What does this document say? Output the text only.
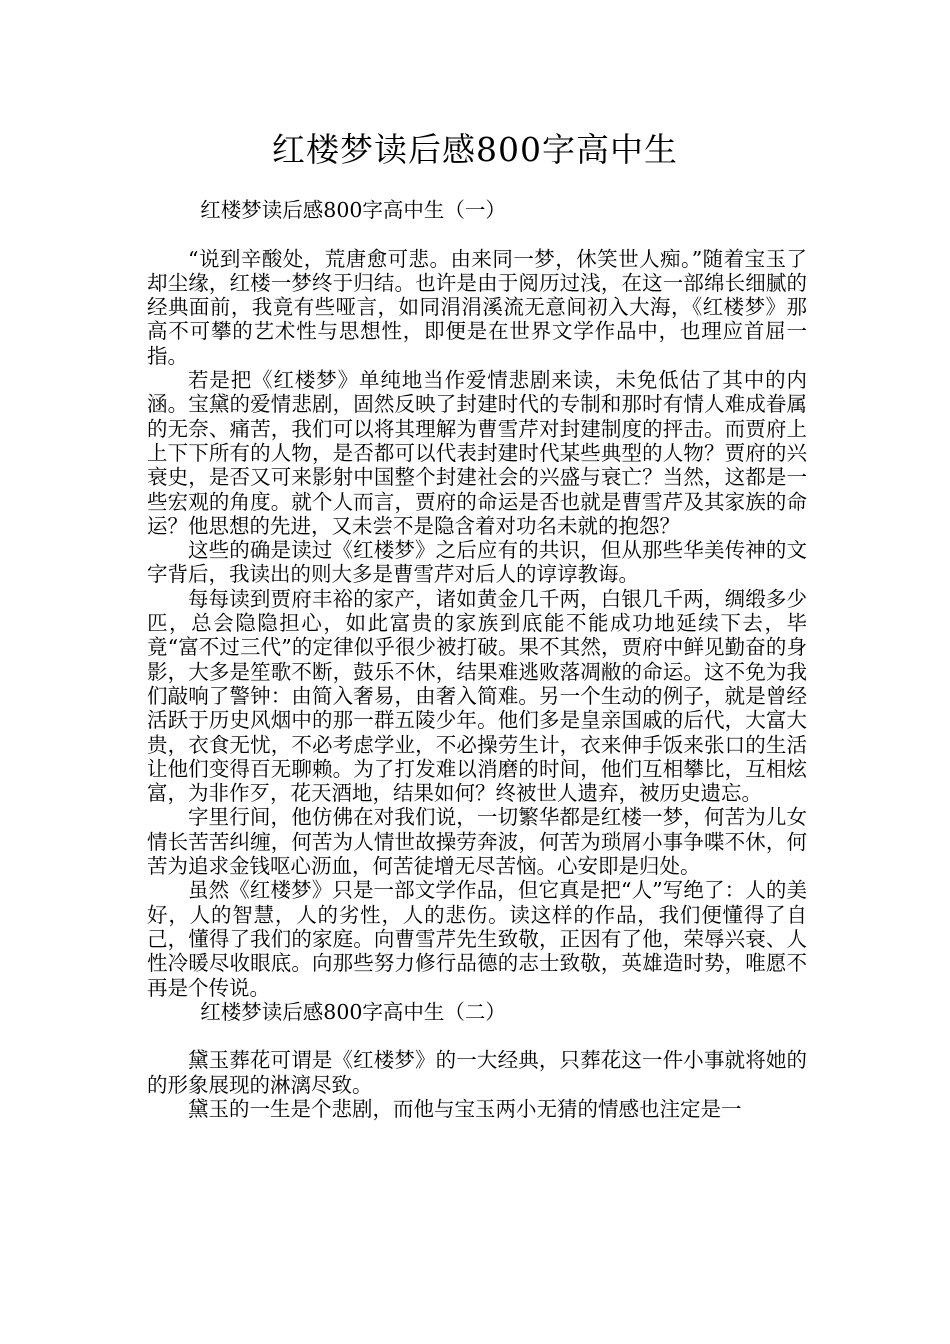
红楼梦读后感800字高中生

红楼梦读后感800字高中生（一）

“说到辛酸处，荒唐愈可悲。由来同一梦，休笑世人痴。”随着宝玉了却尘缘，红楼一梦终于归结。也许是由于阅历过浅，在这一部绵长细腻的经典面前，我竟有些哑言，如同涓涓溪流无意间初入大海，《红楼梦》那高不可攀的艺术性与思想性，即便是在世界文学作品中，也理应首屈一指。

若是把《红楼梦》单纯地当作爱情悲剧来读，未免低估了其中的内涵。宝黛的爱情悲剧，固然反映了封建时代的专制和那时有情人难成眷属的无奈、痛苦，我们可以将其理解为曹雪芹对封建制度的抨击。而贾府上上下下所有的人物，是否都可以代表封建时代某些典型的人物？贾府的兴衰史，是否又可来影射中国整个封建社会的兴盛与衰亡？当然，这都是一些宏观的角度。就个人而言，贾府的命运是否也就是曹雪芹及其家族的命运？他思想的先进，又未尝不是隐含着对功名未就的抱怨？

这些的确是读过《红楼梦》之后应有的共识，但从那些华美传神的文字背后，我读出的则大多是曹雪芹对后人的谆谆教诲。

每每读到贾府丰裕的家产，诸如黄金几千两，白银几千两，绸缎多少匹，总会隐隐担心，如此富贵的家族到底能不能成功地延续下去，毕竟“富不过三代”的定律似乎很少被打破。果不其然，贾府中鲜见勤奋的身影，大多是笙歌不断，鼓乐不休，结果难逃败落凋敝的命运。这不免为我们敲响了警钟：由简入奢易，由奢入简难。另一个生动的例子，就是曾经活跃于历史风烟中的那一群五陵少年。他们多是皇亲国戚的后代，大富大贵，衣食无忧，不必考虑学业，不必操劳生计，衣来伸手饭来张口的生活让他们变得百无聊赖。为了打发难以消磨的时间，他们互相攀比，互相炫富，为非作歹，花天酒地，结果如何？终被世人遗弃，被历史遗忘。

字里行间，他仿佛在对我们说，一切繁华都是红楼一梦，何苦为儿女情长苦苦纠缠，何苦为人情世故操劳奔波，何苦为琐屑小事争喋不休，何苦为追求金钱呕心沥血，何苦徒增无尽苦恼。心安即是归处。

虽然《红楼梦》只是一部文学作品，但它真是把“人”写绝了：人的美好，人的智慧，人的劣性，人的悲伤。读这样的作品，我们便懂得了自己，懂得了我们的家庭。向曹雪芹先生致敬，正因有了他，荣辱兴衰、人性冷暖尽收眼底。向那些努力修行品德的志士致敬，英雄造时势，唯愿不再是个传说。

红楼梦读后感800字高中生（二）

黛玉葬花可谓是《红楼梦》的一大经典，只葬花这一件小事就将她的的形象展现的淋漓尽致。

黛玉的一生是个悲剧，而他与宝玉两小无猜的情感也注定是一
